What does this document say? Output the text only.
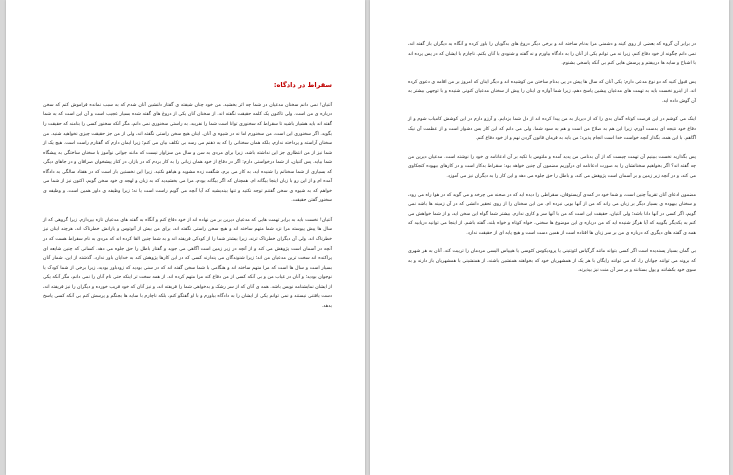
سقراط در دادگاه:

آتنیان! نمی دانم سخنان مدعیان در شما چه اثر بخشید. من خود چنان شیفته ی گفتار دلنشین آنان شدم که به سبب نمانده فراموش کنم که سخن درباره ی من است. ولی تاکنون یک کلمه حقیقت نگفته اند. از سخنان آنان یکی از دروغ های گفته شده بسیار عجیب است و آن این است که به شما گفته اند باید هشیار باشید تا سقراط که سخنوری توانا است شما را نفریبد. به راستی سخنوری نمی دانم، مگر آنکه سخنور کسی را بنامند که حقیقت را بگوید. اگر سخنوری این است، من سخنورم اما نه در شیوه ی آنان. اینان هیچ سخن راستی نگفته اند، ولی از من جز حقیقت چیزی نخواهید شنید. من سخنان آراسته و پرداخته ندارم، بلکه همان سخنانی را که به ذهنم می رسد بی تکلف بیان می کنم؛ زیرا ایمان دارم که گفتارم راست است. هیچ یک از شما نیز از من انتظاری جز این نداشته باشد، زیرا برای مردی به سن و سال من سزاوار نیست که مانند جوانی نوآموز با سخنان ساختگی به پیشگاه شما بیاید. پس آتنیان، از شما درخواستی دارم: اگر در دفاع از خود همان زبانی را به کار بردم که در بازار، در کنار پیشخوان صرافان و در جاهای دیگر، که بسیاری از شما سخنانم را شنیده اید، به کار می برم، شگفت زده مشوید و هیاهو نکنید. زیرا این نخستین بار است که در هفتاد سالگی به دادگاه آمده ام و از این رو با زبان اینجا بیگانه ام. همچنان که اگر بیگانه بودم، مرا می بخشیدید که به زبان و لهجه ی خود سخن گویم، اکنون نیز از شما می خواهم که به شیوه ی سخن گفتنم توجه نکنید و تنها بیندیشید که آیا آنچه می گویم راست است یا نه؛ زیرا وظیفه ی داور همین است، و وظیفه ی سخنور گفتن حقیقت.

آتنیان! نخست باید به برابر تهمت هایی که مدعیان دیرین بر من نهاده اند از خود دفاع کنم و آنگاه به گفته های مدعیان تازه بپردازم. زیرا گروهی که از سال ها پیش پیوسته مرا نزد شما متهم ساخته اند و هیچ سخن راستی نگفته اند، برای من بیش از آنوتوس و یارانش خطرناک اند، هرچند اینان نیز خطرناک اند. ولی آن دیگران خطرناک ترند، زیرا بیشتر شما را از کودکی فریفته اند و به شما چنین القا کرده اند که مردی به نام سقراط هست که در آنچه در آسمان است پژوهش می کند و از آنچه در زیر زمین است آگاهی می جوید و گفتار باطل را حق جلوه می دهد. کسانی که چنین شایعه ای پراکنده اند سخت ترین مدعیان من اند؛ زیرا شنوندگان می پندارند کسی که در این کارها پژوهش کند به خدایان باور ندارد. گذشته از این، شمار آنان بسیار است و سال ها است که مرا متهم ساخته اند و هنگامی با شما سخن گفته اند که در سنی بودید که زودباور بودید، زیرا برخی از شما کودک یا نوجوان بودید؛ و آنان در غیاب من و بی آنکه کسی از من دفاع کند مرا متهم کرده اند. از همه سخت تر اینکه حتی نام آنان را نمی دانم، مگر آنکه یکی از ایشان نمایشنامه نویس باشد. همه ی آنان که از سر رشک و بدخواهی شما را فریفته اند، و نیز آنان که خود فریب خورده و دیگران را نیز فریفته اند، دست یافتنی نیستند و نمی توانم یکی از ایشان را به دادگاه بیاورم و با او گفتگو کنم، بلکه ناچارم با سایه ها بجنگم و پرسش کنم بی آنکه کسی پاسخ بدهد.

در برابر آن گروه که بعضی از روی کینه و دشمنی مرا بدنام ساخته اند و برخی دیگر دروغ های بدگویان را باور کرده و آنگاه به دیگران باز گفته اند، نمی دانم چگونه از خود دفاع کنم، زیرا نه می توانم یکی از آنان را به دادگاه بیاورم و نه گفته و شنودی با آنان بکنم. ناچارم با ایشان که در پس پرده اند با اشباح و سایه ها دربیفتم و پرسش هایی کنم بی آنکه پاسخی بشنوم.

پس قبول کنید که دو نوع مدعی دارم: یکی آنان که سال ها پیش در پی بدنام ساختن من کوشیده اند و دیگر اینان که امروز بر من اقامه ی دعوی کرده اند. از اینرو نخست باید به تهمت های مدعیان پیشین پاسخ دهم، زیرا شما آوازه ی اینان را پیش از سخنان مدعیان کنونی شنیده و با توجهی بیشتر به آن گوش داده اید.

اینک می کوشم در این فرصت کوتاه گمان بدی را که از دیرباز به من پیدا کرده اند از دل شما بزدایم. و آرزو دارم در این کوشش کامیاب شوم و از دفاع خود نتیجه ای بدست آورم، زیرا این هم به صلاح من است و هم به سود شما. ولی می دانم که این کار بس دشوار است و از عظمت آن نیک آگاهم. با این همه، بگذار آنچه خواست خدا است انجام پذیرد؛ من باید به فرمان قانون گردن نهم و از خود دفاع کنم.

پس بگذارید نخست ببینیم آن تهمت چیست که از آن بدنامی من پدید آمده و ملتوس با تکیه بر آن ادعانامه ی خود را نوشته است. مدعیان دیرین من چه گفته اند؟ اگر بخواهیم سخنانشان را به صورت ادعانامه ای درآوریم مضمون آن چنین خواهد بود: سقراط بدکار است و در کارهای بیهوده کنجکاوی می کند، و در آنچه زیر زمین و بر آسمان است پژوهش می کند، و باطل را حق جلوه می دهد و این کار را به دیگران نیز می آموزد.

مضمون ادعای آنان تقریباً چنین است، و شما خود در کمدی آریستوفان، سقراطی را دیده اید که در صحنه می چرخد و می گوید که در هوا راه می رود، و سخنان بیهوده ی بسیار دیگر بر زبان می راند که من از آنها بویی نبرده ام. من این سخنان را از روی تحقیر دانشی که در آن زمینه ها باشد نمی گویم، اگر کسی در آنها دانا باشد؛ ولی آتنیان، حقیقت این است که من با آنها سر و کاری ندارم. بیشتر شما گواه این سخن اید، و از شما خواهش می کنم به یکدیگر بگویید که آیا هرگز شنیده اید که من درباره ی این موضوع ها سخنی، خواه کوتاه و خواه بلند، گفته باشم. از اینجا می توانید دریابید که همه ی گفته های دیگری که درباره ی من بر سر زبان ها افتاده است از همین دست است و هیچ پایه ای از حقیقت ندارد.

بی گمان بسیار پسندیده است اگر کسی بتواند مانند گرگیاس لئونتینی یا پرودیکوس کئوسی یا هیپیاس الیسی مردمان را تربیت کند. آنان به هر شهری که بروند می توانند جوانان را، که می توانند رایگان با هر یک از همشهریان خود که بخواهند همنشین باشند، از همنشینی با همشهریان باز دارند و به سوی خود بکشانند و پول بستانند و بر سر آن منت نیز بپذیرند.
